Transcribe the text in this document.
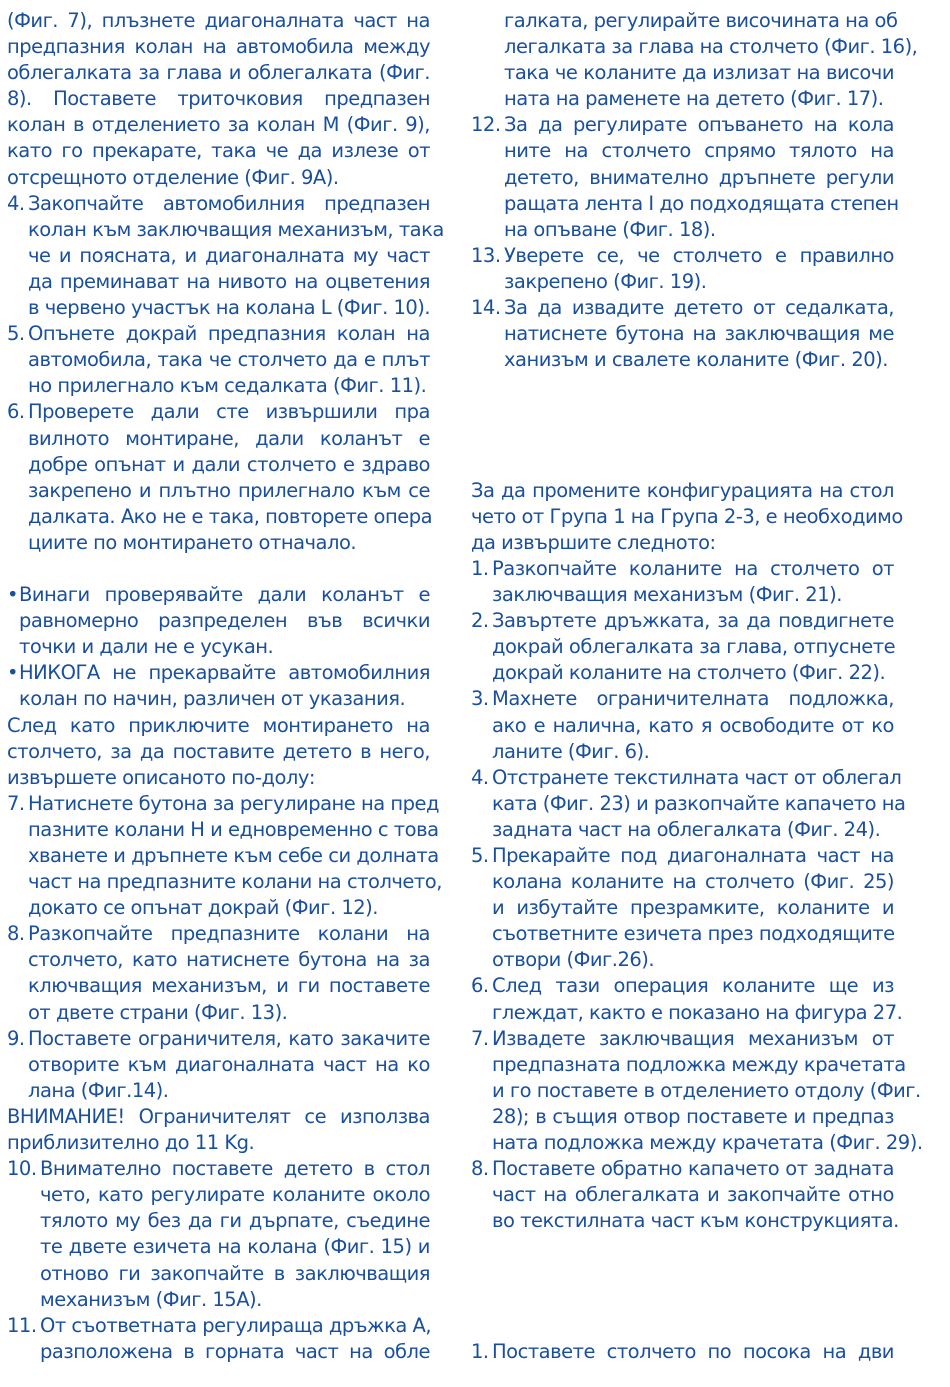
(Фиг. 7), плъзнете диагоналната част на
предпазния колан на автомобила между
облегалката за глава и облегалката (Фиг.
8). Поставете триточковия предпазен
колан в отделението за колан М (Фиг. 9),
като го прекарате, така че да излезе от
отсрещното отделение (Фиг. 9А).
4. Закопчайте автомобилния предпазен
колан към заключващия механизъм, така
че и поясната, и диагоналната му част
да преминават на нивото на оцветения
в червено участък на колана L (Фиг. 10).
5. Опънете докрай предпазния колан на
автомобила, така че столчето да е плът
но прилегнало към седалката (Фиг. 11).
6. Проверете дали сте извършили пра
вилното монтиране, дали коланът е
добре опънат и дали столчето е здраво
закрепено и плътно прилегнало към се
далката. Ако не е така, повторете опера
циите по монтирането отначало.
• Винаги проверявайте дали коланът е
равномерно разпределен във всички
точки и дали не е усукан.
• НИКОГА не прекарвайте автомобилния
колан по начин, различен от указания.
След като приключите монтирането на
столчето, за да поставите детето в него,
извършете описаното по-долу:
7. Натиснете бутона за регулиране на пред
пазните колани Н и едновременно с това
хванете и дръпнете към себе си долната
част на предпазните колани на столчето,
докато се опънат докрай (Фиг. 12).
8. Разкопчайте предпазните колани на
столчето, като натиснете бутона на за
ключващия механизъм, и ги поставете
от двете страни (Фиг. 13).
9. Поставете ограничителя, като закачите
отворите към диагоналната част на ко
лана (Фиг.14).
ВНИМАНИЕ! Ограничителят се използва
приблизително до 11 Kg.
10. Внимателно поставете детето в стол
чето, като регулирате коланите около
тялото му без да ги дърпате, съедине
те двете езичета на колана (Фиг. 15) и
отново ги закопчайте в заключващия
механизъм (Фиг. 15А).
11. От съответната регулираща дръжка А,
разположена в горната част на обле
галката, регулирайте височината на об
легалката за глава на столчето (Фиг. 16),
така че коланите да излизат на височи
ната на раменете на детето (Фиг. 17).
12. За да регулирате опъването на кола
ните на столчето спрямо тялото на
детето, внимателно дръпнете регули
ращата лента I до подходящата степен
на опъване (Фиг. 18).
13. Уверете се, че столчето е правилно
закрепено (Фиг. 19).
14. За да извадите детето от седалката,
натиснете бутона на заключващия ме
ханизъм и свалете коланите (Фиг. 20).
За да промените конфигурацията на стол
чето от Група 1 на Група 2-3, е необходимо
да извършите следното:
1. Разкопчайте коланите на столчето от
заключващия механизъм (Фиг. 21).
2. Завъртете дръжката, за да повдигнете
докрай облегалката за глава, отпуснете
докрай коланите на столчето (Фиг. 22).
3. Махнете ограничителната подложка,
ако е налична, като я освободите от ко
ланите (Фиг. 6).
4. Отстранете текстилната част от облегал
ката (Фиг. 23) и разкопчайте капачето на
задната част на облегалката (Фиг. 24).
5. Прекарайте под диагоналната част на
колана коланите на столчето (Фиг. 25)
и избутайте презрамките, коланите и
съответните езичета през подходящите
отвори (Фиг.26).
6. След тази операция коланите ще из
глеждат, както е показано на фигура 27.
7. Извадете заключващия механизъм от
предпазната подложка между крачетата
и го поставете в отделението отдолу (Фиг.
28); в същия отвор поставете и предпаз
ната подложка между крачетата (Фиг. 29).
8. Поставете обратно капачето от задната
част на облегалката и закопчайте отно
во текстилната част към конструкцията.
1. Поставете столчето по посока на дви
